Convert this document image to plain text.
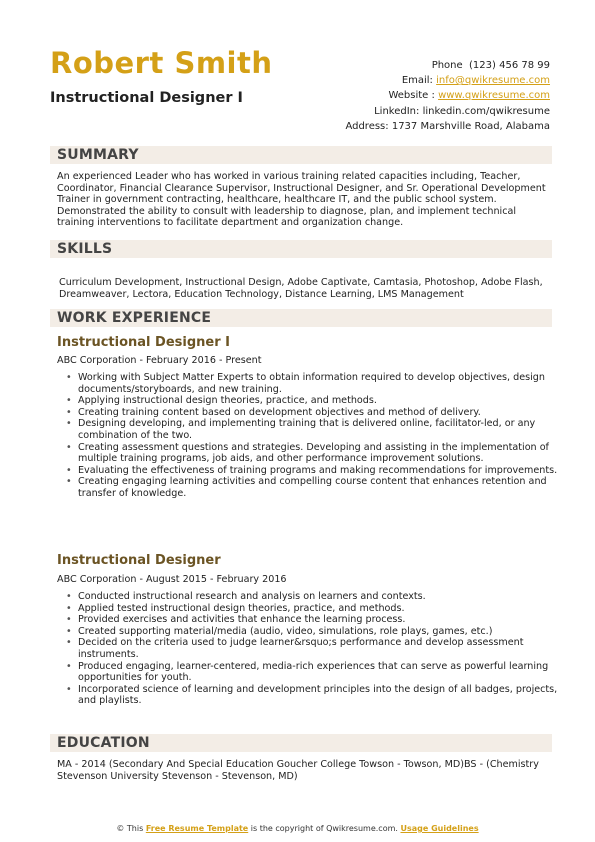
Robert Smith
Instructional Designer I
Phone (123) 456 78 99
Email: info@qwikresume.com
Website : www.qwikresume.com
LinkedIn: linkedin.com/qwikresume
Address: 1737 Marshville Road, Alabama
SUMMARY
An experienced Leader who has worked in various training related capacities including, Teacher, Coordinator, Financial Clearance Supervisor, Instructional Designer, and Sr. Operational Development Trainer in government contracting, healthcare, healthcare IT, and the public school system. Demonstrated the ability to consult with leadership to diagnose, plan, and implement technical training interventions to facilitate department and organization change.
SKILLS
Curriculum Development, Instructional Design, Adobe Captivate, Camtasia, Photoshop, Adobe Flash, Dreamweaver, Lectora, Education Technology, Distance Learning, LMS Management
WORK EXPERIENCE
Instructional Designer I
ABC Corporation - February 2016 - Present
• Working with Subject Matter Experts to obtain information required to develop objectives, design documents/storyboards, and new training.
• Applying instructional design theories, practice, and methods.
• Creating training content based on development objectives and method of delivery.
• Designing developing, and implementing training that is delivered online, facilitator-led, or any combination of the two.
• Creating assessment questions and strategies. Developing and assisting in the implementation of multiple training programs, job aids, and other performance improvement solutions.
• Evaluating the effectiveness of training programs and making recommendations for improvements.
• Creating engaging learning activities and compelling course content that enhances retention and transfer of knowledge.
Instructional Designer
ABC Corporation - August 2015 - February 2016
• Conducted instructional research and analysis on learners and contexts.
• Applied tested instructional design theories, practice, and methods.
• Provided exercises and activities that enhance the learning process.
• Created supporting material/media (audio, video, simulations, role plays, games, etc.)
• Decided on the criteria used to judge learner&rsquo;s performance and develop assessment instruments.
• Produced engaging, learner-centered, media-rich experiences that can serve as powerful learning opportunities for youth.
• Incorporated science of learning and development principles into the design of all badges, projects, and playlists.
EDUCATION
MA - 2014 (Secondary And Special Education Goucher College Towson - Towson, MD)BS - (Chemistry Stevenson University Stevenson - Stevenson, MD)
© This Free Resume Template is the copyright of Qwikresume.com. Usage Guidelines
